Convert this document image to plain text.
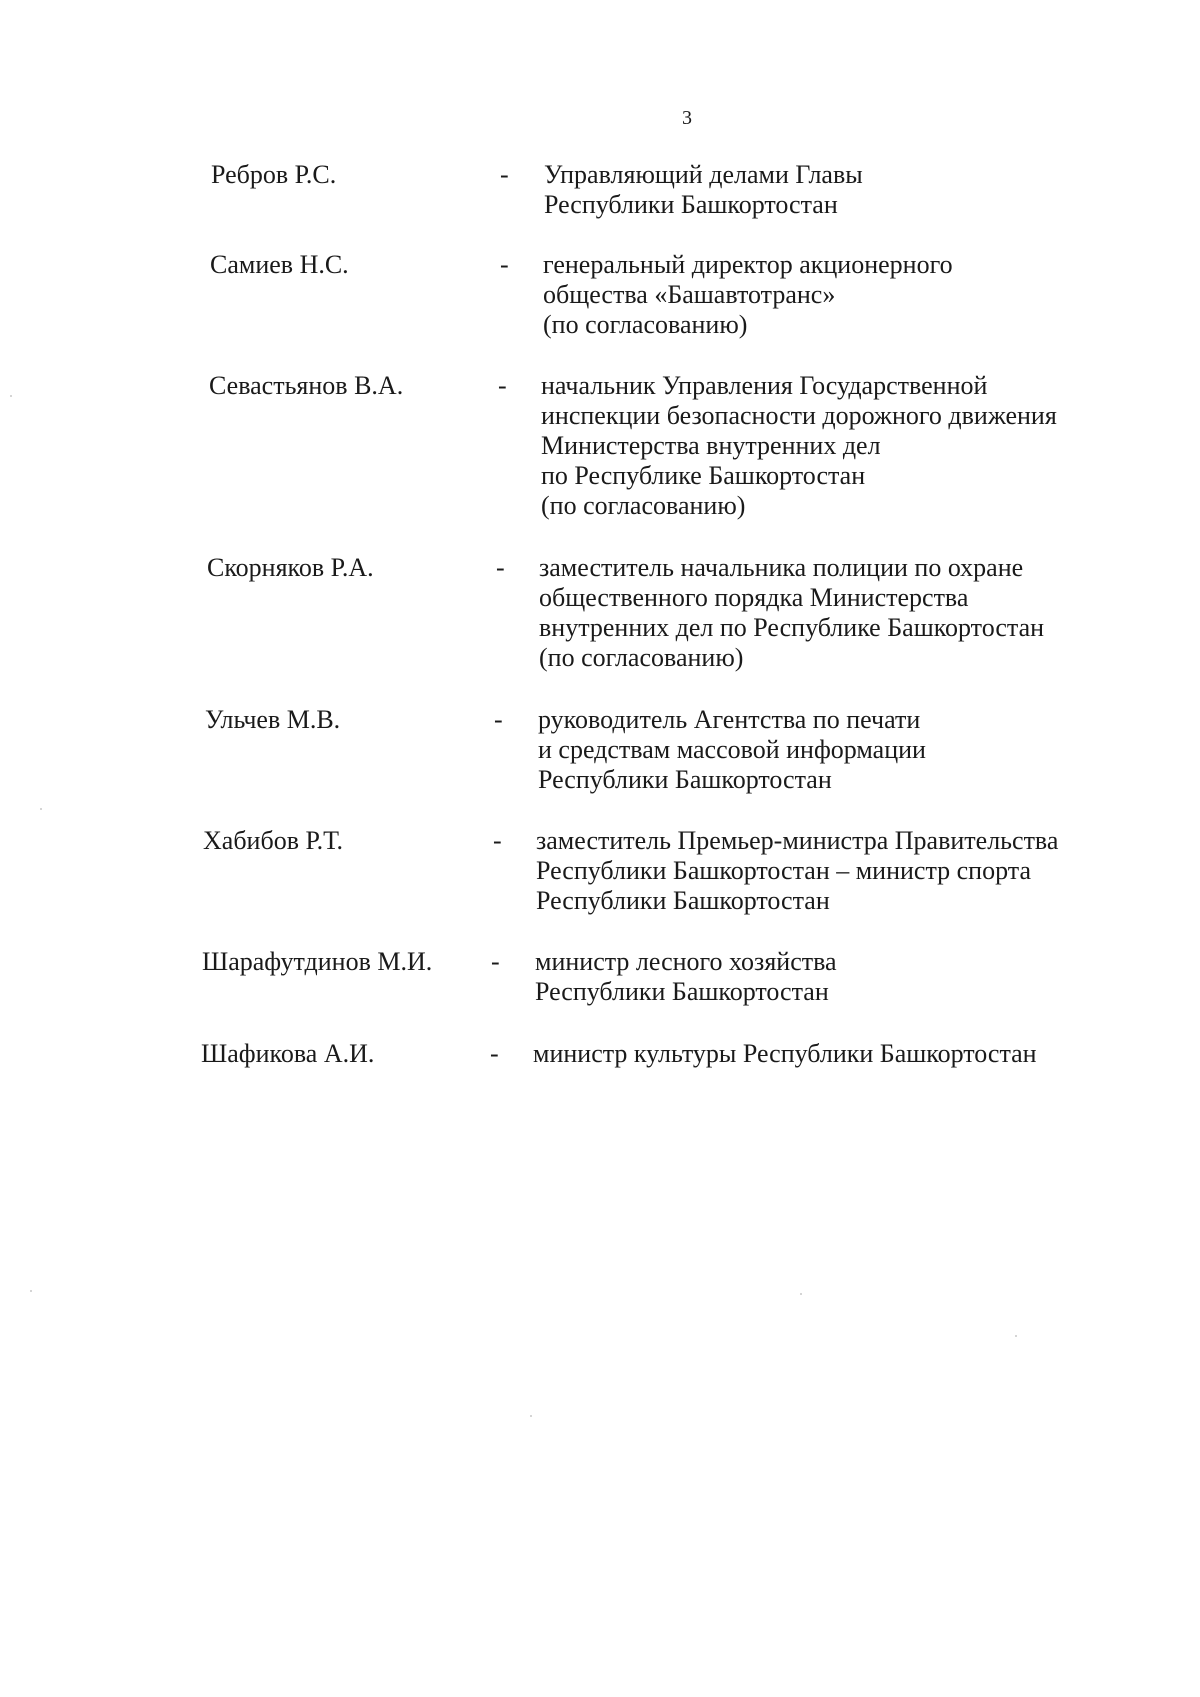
3
Ребров Р.С.	- Управляющий делами Главы
Республики Башкортостан
Самиев Н.С.	- генеральный директор акционерного
общества «Башавтотранс»
(по согласованию)
Севастьянов В.А.	- начальник Управления Государственной
инспекции безопасности дорожного движения
Министерства внутренних дел
по Республике Башкортостан
(по согласованию)
Скорняков Р.А.	- заместитель начальника полиции по охране
общественного порядка Министерства
внутренних дел по Республике Башкортостан
(по согласованию)
Ульчев М.В.	- руководитель Агентства по печати
и средствам массовой информации
Республики Башкортостан
Хабибов Р.Т.	- заместитель Премьер-министра Правительства
Республики Башкортостан – министр спорта
Республики Башкортостан
Шарафутдинов М.И. - министр лесного хозяйства
Республики Башкортостан
Шафикова А.И.	- министр культуры Республики Башкортостан
